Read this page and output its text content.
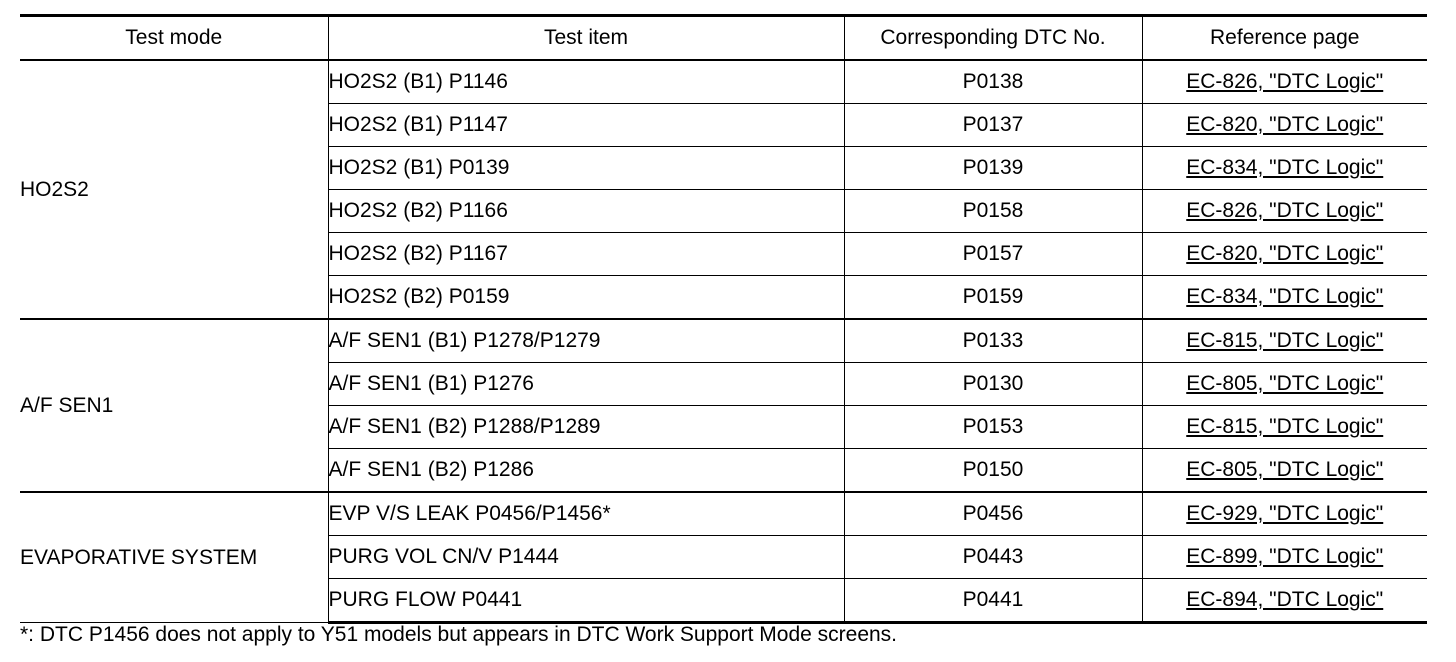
Test mode	Test item	Corresponding DTC No.	Reference page
HO2S2	HO2S2 (B1) P1146	P0138	EC-826, "DTC Logic"
	HO2S2 (B1) P1147	P0137	EC-820, "DTC Logic"
	HO2S2 (B1) P0139	P0139	EC-834, "DTC Logic"
	HO2S2 (B2) P1166	P0158	EC-826, "DTC Logic"
	HO2S2 (B2) P1167	P0157	EC-820, "DTC Logic"
	HO2S2 (B2) P0159	P0159	EC-834, "DTC Logic"
A/F SEN1	A/F SEN1 (B1) P1278/P1279	P0133	EC-815, "DTC Logic"
	A/F SEN1 (B1) P1276	P0130	EC-805, "DTC Logic"
	A/F SEN1 (B2) P1288/P1289	P0153	EC-815, "DTC Logic"
	A/F SEN1 (B2) P1286	P0150	EC-805, "DTC Logic"
EVAPORATIVE SYSTEM	EVP V/S LEAK P0456/P1456*	P0456	EC-929, "DTC Logic"
	PURG VOL CN/V P1444	P0443	EC-899, "DTC Logic"
	PURG FLOW P0441	P0441	EC-894, "DTC Logic"
*: DTC P1456 does not apply to Y51 models but appears in DTC Work Support Mode screens.
